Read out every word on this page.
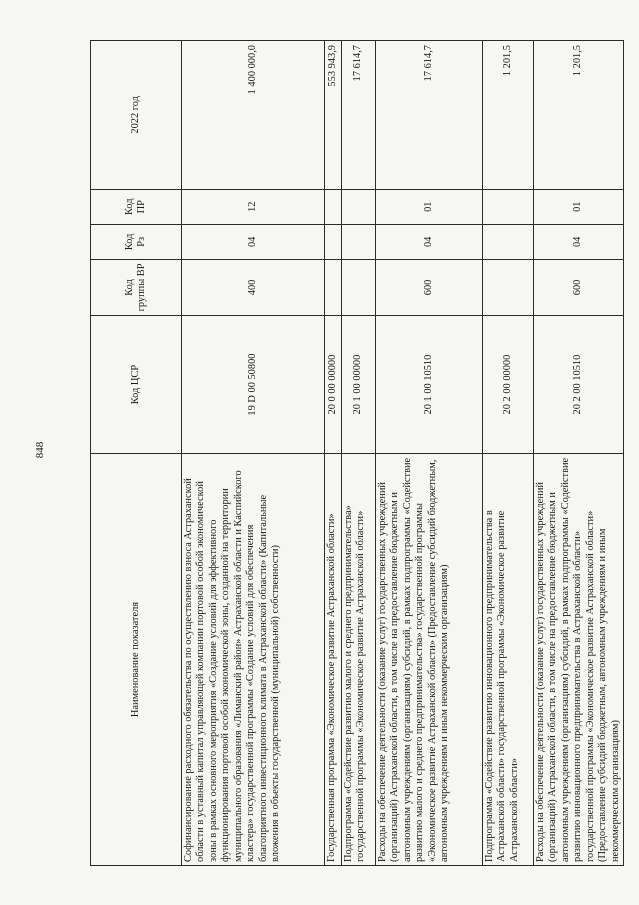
848
Наименование показателя	Код ЦСР	Код группы ВР	Код Рз	Код ПР	2022 год
Софинансирование расходного обязательства по осуществлению взноса Астраханской области в уставный капитал управляющей компании портовой особой экономической зоны в рамках основного мероприятия «Создание условий для эффективного функционирования портовой особой экономической зоны, созданной на территории муниципального образования «Лиманский район» Астраханской области и Каспийского кластера» государственной программы «Создание условий для обеспечения благоприятного инвестиционного климата в Астраханской области» (Капитальные вложения в объекты государственной (муниципальной) собственности)	19 D 00 50800	400	04	12	1 400 000,0
Государственная программа «Экономическое развитие Астраханской области»	20 0 00 00000				553 943,9
Подпрограмма «Содействие развитию малого и среднего предпринимательства» государственной программы «Экономическое развитие Астраханской области»	20 1 00 00000				17 614,7
Расходы на обеспечение деятельности (оказание услуг) государственных учреждений (организаций) Астраханской области, в том числе на предоставление бюджетным и автономным учреждениям (организациям) субсидий, в рамках подпрограммы «Содействие развитию малого и среднего предпринимательства» государственной программы «Экономическое развитие Астраханской области» (Предоставление субсидий бюджетным, автономным учреждениям и иным некоммерческим организациям)	20 1 00 10510	600	04	01	17 614,7
Подпрограмма «Содействие развитию инновационного предпринимательства в Астраханской области» государственной программы «Экономическое развитие Астраханской области»	20 2 00 00000				1 201,5
Расходы на обеспечение деятельности (оказание услуг) государственных учреждений (организаций) Астраханской области, в том числе на предоставление бюджетным и автономным учреждениям (организациям) субсидий, в рамках подпрограммы «Содействие развитию инновационного предпринимательства в Астраханской области» государственной программы «Экономическое развитие Астраханской области» (Предоставление субсидий бюджетным, автономным учреждениям и иным некоммерческим организациям)	20 2 00 10510	600	04	01	1 201,5
